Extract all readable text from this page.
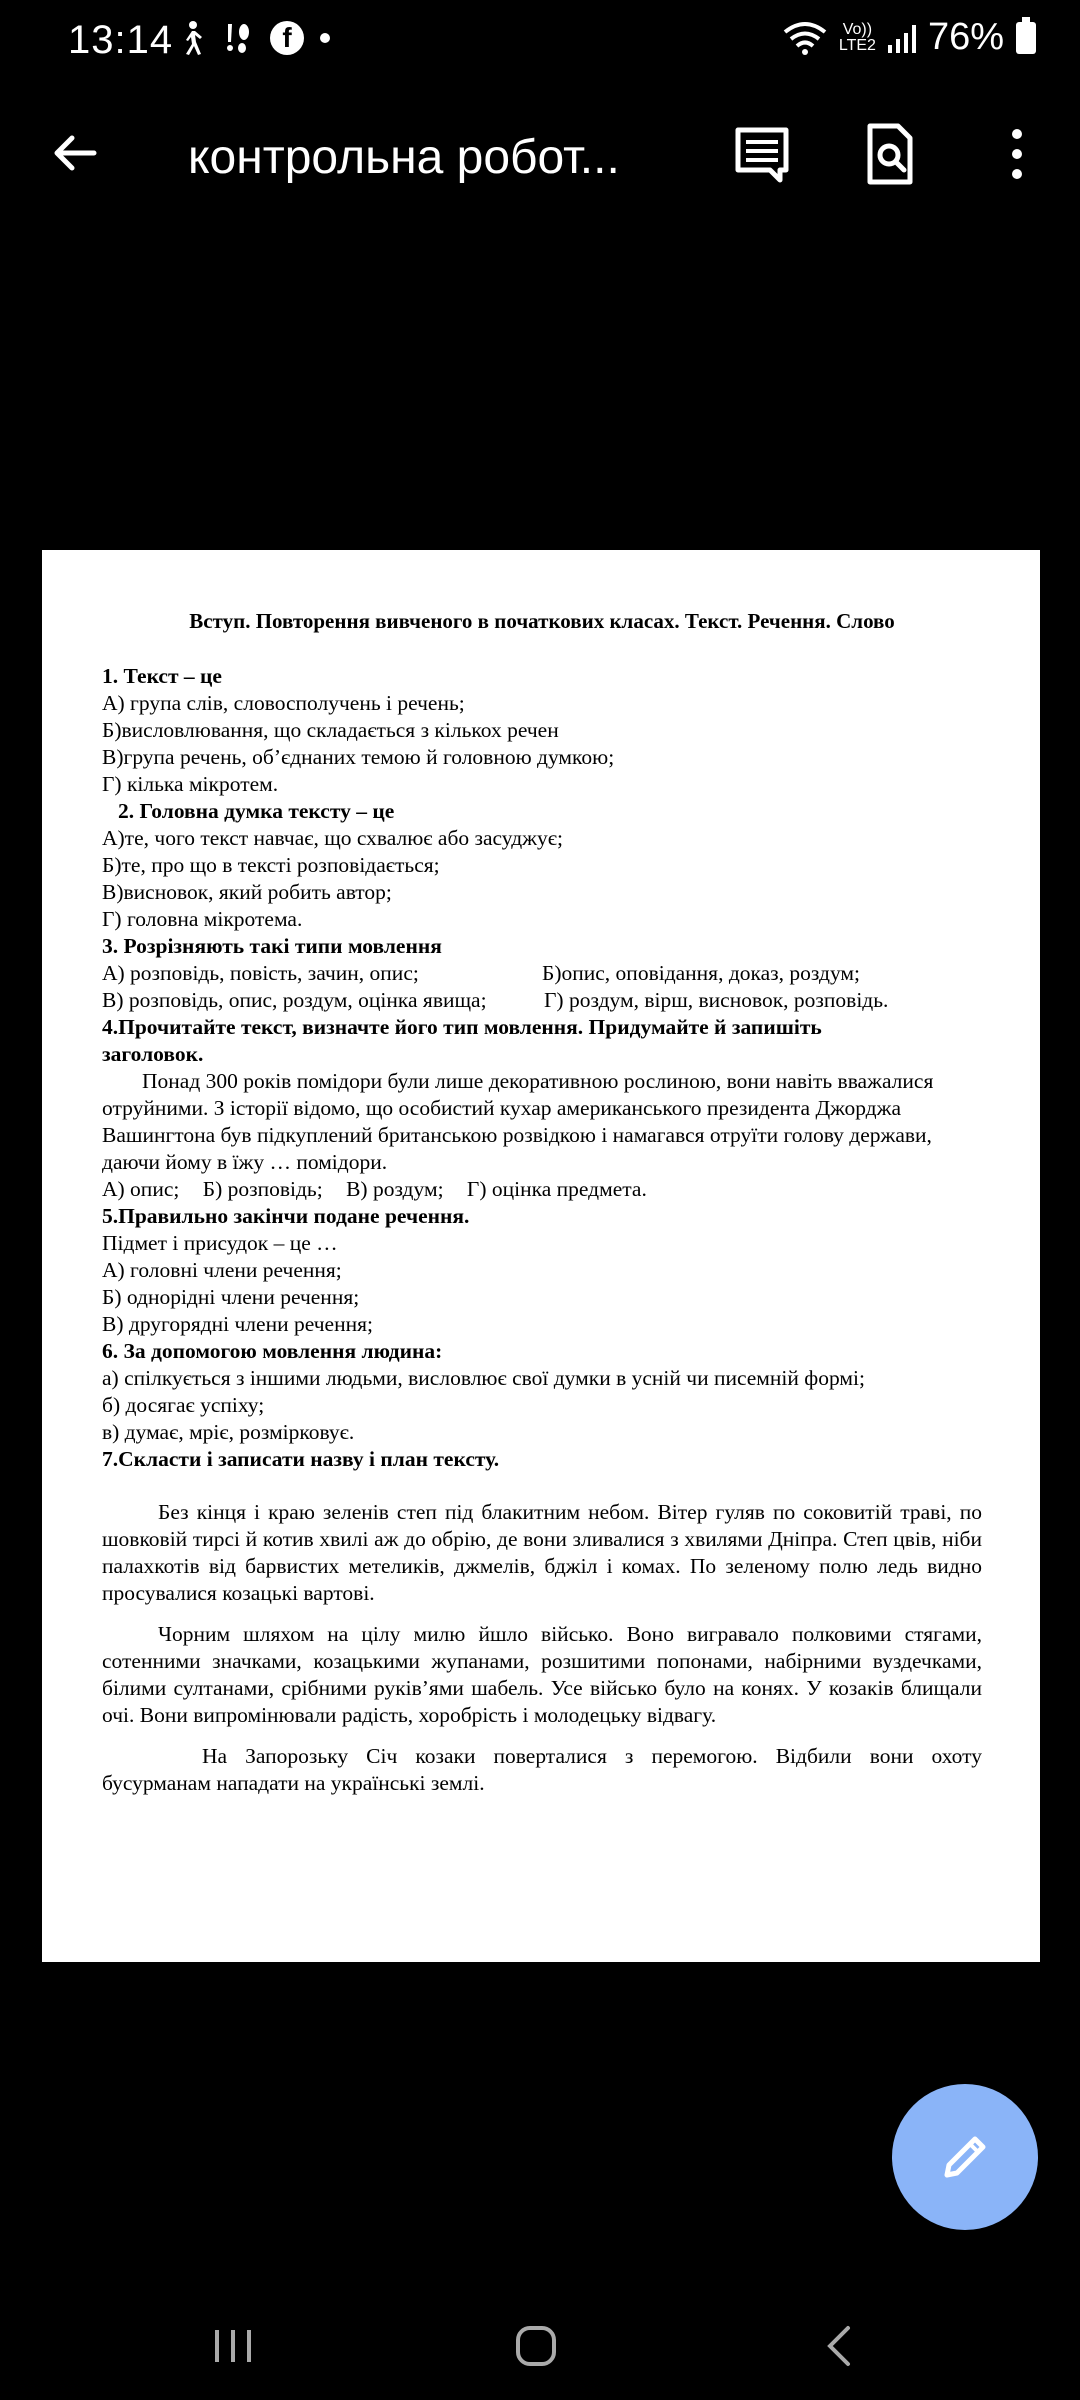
13:14	f	Vo))
LTE2 76%
контрольна робот...
Вступ. Повторення вивченого в початкових класах. Текст. Речення. Слово
1. Текст – це
А) група слів, словосполучень і речень;
Б)висловлювання, що складається з кількох речен
В)група речень, об’єднаних темою й головною думкою;
Г) кілька мікротем.
2. Головна думка тексту – це
А)те, чого текст навчає, що схвалює або засуджує;
Б)те, про що в тексті розповідається;
В)висновок, який робить автор;
Г) головна мікротема.
3. Розрізняють такі типи мовлення
А) розповідь, повість, зачин, опис;	Б)опис, оповідання, доказ, роздум;
В) розповідь, опис, роздум, оцінка явища;	Г) роздум, вірш, висновок, розповідь.
4.Прочитайте текст, визначте його тип мовлення. Придумайте й запишіть
заголовок.
Понад 300 років помідори були лише декоративною рослиною, вони навіть вважалися отруйними. З історії відомо, що особистий кухар американського президента Джорджа Вашингтона був підкуплений британською розвідкою і намагався отруїти голову держави, даючи йому в їжу … помідори.
А) опис; Б) розповідь; В) роздум; Г) оцінка предмета.
5.Правильно закінчи подане речення.
Підмет і присудок – це …
А) головні члени речення;
Б) однорідні члени речення;
В) другорядні члени речення;
6. За допомогою мовлення людина:
а) спілкується з іншими людьми, висловлює свої думки в усній чи писемній формі;
б) досягає успіху;
в) думає, мріє, розмірковує.
7.Скласти і записати назву і план тексту.
Без кінця і краю зеленів степ під блакитним небом. Вітер гуляв по соковитій траві, по шовковій тирсі й котив хвилі аж до обрію, де вони зливалися з хвилями Дніпра. Степ цвів, ніби палахкотів від барвистих метеликів, джмелів, бджіл і комах. По зеленому полю ледь видно просувалися козацькі вартові.
Чорним шляхом на цілу милю йшло військо. Воно вигравало полковими стягами, сотенними значками, козацькими жупанами, розшитими попонами, набірними вуздечками, білими султанами, срібними руків’ями шабель. Усе військо було на конях. У козаків блищали очі. Вони випромінювали радість, хоробрість і молодецьку відвагу.
На Запорозьку Січ козаки поверталися з перемогою. Відбили вони охоту бусурманам нападати на українські землі.
